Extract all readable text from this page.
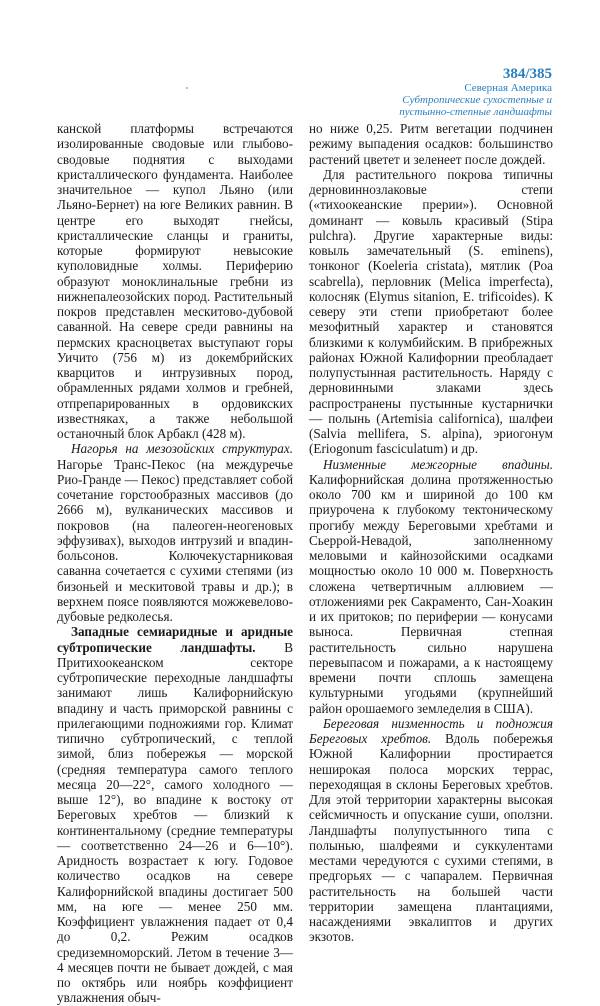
384/385
Северная Америка
Субтропические сухостепные и пустынно-степные ландшафты

канской платформы встречаются изолированные сводовые или глыбово-сводовые поднятия с выходами кристаллического фундамента. Наиболее значительное — купол Льяно (или Льяно-Бернет) на юге Великих равнин. В центре его выходят гнейсы, кристаллические сланцы и граниты, которые формируют невысокие куполовидные холмы. Периферию образуют моноклинальные гребни из нижнепалеозойских пород. Растительный покров представлен мескитово-дубовой саванной. На севере среди равнины на пермских красноцветах выступают горы Уичито (756 м) из докембрийских кварцитов и интрузивных пород, обрамленных рядами холмов и гребней, отпрепарированных в ордовикских известняках, а также небольшой останочный блок Арбакл (428 м).

Нагорья на мезозойских структурах. Нагорье Транс-Пекос (на междуречье Рио-Гранде — Пекос) представляет собой сочетание горстообразных массивов (до 2666 м), вулканических массивов и покровов (на палеоген-неогеновых эффузивах), выходов интрузий и впадин-больсонов. Колючекустарниковая саванна сочетается с сухими степями (из бизоньей и мескитовой травы и др.); в верхнем поясе появляются можжевелово-дубовые редколесья.

Западные семиаридные и аридные субтропические ландшафты. В Притихоокеанском секторе субтропические переходные ландшафты занимают лишь Калифорнийскую впадину и часть приморской равнины с прилегающими подножиями гор. Климат типично субтропический, с теплой зимой, близ побережья — морской (средняя температура самого теплого месяца 20—22°, самого холодного — выше 12°), во впадине к востоку от Береговых хребтов — близкий к континентальному (средние температуры — соответственно 24—26 и 6—10°). Аридность возрастает к югу. Годовое количество осадков на севере Калифорнийской впадины достигает 500 мм, на юге — менее 250 мм. Коэффициент увлажнения падает от 0,4 до 0,2. Режим осадков средиземноморский. Летом в течение 3—4 месяцев почти не бывает дождей, с мая по октябрь или ноябрь коэффициент увлажнения обыч-

но ниже 0,25. Ритм вегетации подчинен режиму выпадения осадков: большинство растений цветет и зеленеет после дождей.

Для растительного покрова типичны дерновиннозлаковые степи («тихоокеанские прерии»). Основной доминант — ковыль красивый (Stipa pulchra). Другие характерные виды: ковыль замечательный (S. eminens), тонконог (Koeleria cristata), мятлик (Poa scabrella), перловник (Melica imperfecta), колосняк (Elymus sitanion, E. trificoides). К северу эти степи приобретают более мезофитный характер и становятся близкими к колумбийским. В прибрежных районах Южной Калифорнии преобладает полупустынная растительность. Наряду с дерновинными злаками здесь распространены пустынные кустарнички — полынь (Artemisia californica), шалфеи (Salvia mellifera, S. alpina), эриогонум (Eriogonum fasciculatum) и др.

Низменные межгорные впадины. Калифорнийская долина протяженностью около 700 км и шириной до 100 км приурочена к глубокому тектоническому прогибу между Береговыми хребтами и Сьеррой-Невадой, заполненному меловыми и кайнозойскими осадками мощностью около 10 000 м. Поверхность сложена четвертичным аллювием — отложениями рек Сакраменто, Сан-Хоакин и их притоков; по периферии — конусами выноса. Первичная степная растительность сильно нарушена перевыпасом и пожарами, а к настоящему времени почти сплошь замещена культурными угодьями (крупнейший район орошаемого земледелия в США).

Береговая низменность и подножия Береговых хребтов. Вдоль побережья Южной Калифорнии простирается неширокая полоса морских террас, переходящая в склоны Береговых хребтов. Для этой территории характерны высокая сейсмичность и опускание суши, оползни. Ландшафты полупустынного типа с полынью, шалфеями и суккулентами местами чередуются с сухими степями, в предгорьях — с чапаралем. Первичная растительность на большей части территории замещена плантациями, насаждениями эвкалиптов и других экзотов.
